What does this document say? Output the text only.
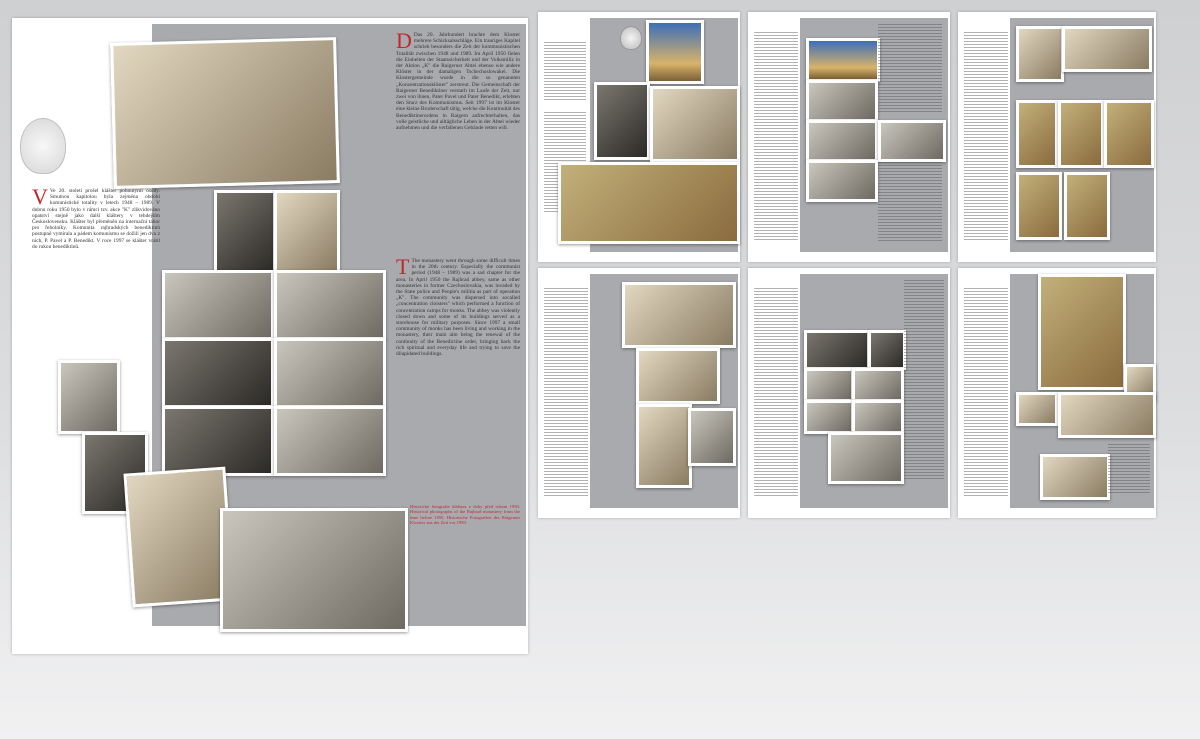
V Ve 20. století prošel klášter pohnutými osudy. Smutnou kapitolou byla zejména období komunistické totality v letech 1948 – 1989. V dubnu roku 1950 bylo v rámci tzv. akce "K" zlikvidováno opatství stejně jako další kláštery v tehdejším Československu. Klášter byl přeměněn na internační tábor pro řeholníky. Komunita rajhradských benediktinů postupně vymírala a pádem komunismu se dožili jen dva z nich, P. Pavel a P. Benedikt. V roce 1997 se klášter vrátil do rukou benediktinů.
D Das 20. Jahrhundert brachte dem Kloster mehrere Schicksalsschläge. Ein trauriges Kapitel schrieb besonders die Zeit der kommunistischen Totalität zwischen 1948 und 1989. Im April 1950 fielen die Einheiten der Staatssicherheit und der Volksmiliz in der Aktion „K" die Raigerner Abtei ebenso wie andere Klöster in der damaligen Tschechoslowakei. Die Klostergemeinde wurde in die so genannten „Konzentrationsklöster" zerstreut. Die Gemeinschaft der Raigerner Benediktiner verstarb im Laufe der Zeit, nur zwei von ihnen, Pater Pavel und Pater Benedikt, erlebten den Sturz des Kommunismus. Seit 1997 ist im Kloster eine kleine Bruderschaft tätig, welche die Kontinuität des Benediktinerordens in Raigern aufrechterhalten, das volle geistliche und alltägliche Leben in der Abtei wieder aufnehmen und die verfallenen Gebäude retten will.
T The monastery went through some difficult times in the 20th century. Especially the communist period (1948 – 1989) was a sad chapter for the area. In April 1950 the Rajhrad abbey, same as other monasteries in former Czechoslovakia, was invaded by the State police and People's militia as part of operation „K". The community was dispersed into socalled „concentration cloisters" which performed a function of concentration camps for monks. The abbey was violently closed down and some of its buildings served as a storehouse for military purposes. Since 1997 a small community of monks has been living and working in the monastery, their main aim being the renewal of the continuity of the Benedictine order, bringing back the rich spiritual and everyday life and trying to save the dilapidated buildings.
Historické fotografie kláštera z doby před rokem 1950. Historical photographs of the Rajhrad monastery from the time before 1950. Historische Fotografien des Raigerner Klosters aus der Zeit vor 1950.
